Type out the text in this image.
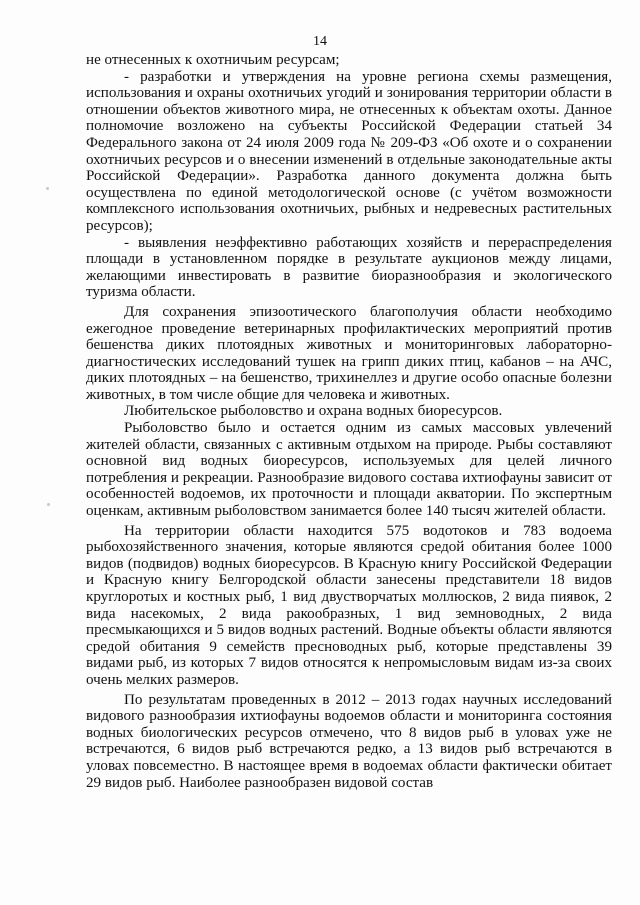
14

не отнесенных к охотничьим ресурсам;

- разработки и утверждения на уровне региона схемы размещения, использования и охраны охотничьих угодий и зонирования территории области в отношении объектов животного мира, не отнесенных к объектам охоты. Данное полномочие возложено на субъекты Российской Федерации статьей 34 Федерального закона от 24 июля 2009 года № 209-ФЗ «Об охоте и о сохранении охотничьих ресурсов и о внесении изменений в отдельные законодательные акты Российской Федерации». Разработка данного документа должна быть осуществлена по единой методологической основе (с учётом возможности комплексного использования охотничьих, рыбных и недревесных растительных ресурсов);

- выявления неэффективно работающих хозяйств и перераспределения площади в установленном порядке в результате аукционов между лицами, желающими инвестировать в развитие биоразнообразия и экологического туризма области.

Для сохранения эпизоотического благополучия области необходимо ежегодное проведение ветеринарных профилактических мероприятий против бешенства диких плотоядных животных и мониторинговых лабораторно-диагностических исследований тушек на грипп диких птиц, кабанов – на АЧС, диких плотоядных – на бешенство, трихинеллез и другие особо опасные болезни животных, в том числе общие для человека и животных.

Любительское рыболовство и охрана водных биоресурсов.

Рыболовство было и остается одним из самых массовых увлечений жителей области, связанных с активным отдыхом на природе. Рыбы составляют основной вид водных биоресурсов, используемых для целей личного потребления и рекреации. Разнообразие видового состава ихтиофауны зависит от особенностей водоемов, их проточности и площади акватории. По экспертным оценкам, активным рыболовством занимается более 140 тысяч жителей области.

На территории области находится 575 водотоков и 783 водоема рыбохозяйственного значения, которые являются средой обитания более 1000 видов (подвидов) водных биоресурсов. В Красную книгу Российской Федерации и Красную книгу Белгородской области занесены представители 18 видов круглоротых и костных рыб, 1 вид двустворчатых моллюсков, 2 вида пиявок, 2 вида насекомых, 2 вида ракообразных, 1 вид земноводных, 2 вида пресмыкающихся и 5 видов водных растений. Водные объекты области являются средой обитания 9 семейств пресноводных рыб, которые представлены 39 видами рыб, из которых 7 видов относятся к непромысловым видам из-за своих очень мелких размеров.

По результатам проведенных в 2012 – 2013 годах научных исследований видового разнообразия ихтиофауны водоемов области и мониторинга состояния водных биологических ресурсов отмечено, что 8 видов рыб в уловах уже не встречаются, 6 видов рыб встречаются редко, а 13 видов рыб встречаются в уловах повсеместно. В настоящее время в водоемах области фактически обитает 29 видов рыб. Наиболее разнообразен видовой состав
